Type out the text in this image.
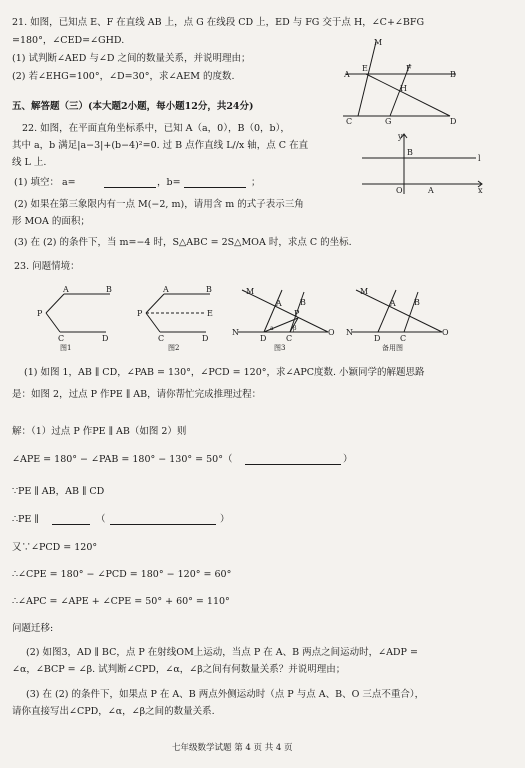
21. 如图，已知点 E、F 在直线 AB 上，点 G 在线段 CD 上，ED 与 FG 交于点 H，∠C+∠BFG
=180°，∠CED=∠GHD.
(1) 试判断∠AED 与∠D 之间的数量关系，并说明理由；
(2) 若∠EHG=100°，∠D=30°，求∠AEM 的度数.
M
A
E	F
B
H
C	G	D
五、解答题（三）(本大题2小题，每小题12分，共24分)
22. 如图，在平面直角坐标系中，已知 A（a，0），B（0，b），
其中 a，b 满足|a−3|+(b−4)²=0. 过 B 点作直线 L//x 轴，点 C 在直
线 L 上.
(1) 填空： a=	，b=	；
(2) 如果在第三象限内有一点 M(−2, m)，请用含 m 的式子表示三角
形 MOA 的面积；
(3) 在 (2) 的条件下，当 m=−4 时，S△ABC = 2S△MOA 时，求点 C 的坐标.
y
B
l
O	A	x
23. 问题情境：
A	B
P
C	D
图1
A	B
P	E
C	D
图2
M
A B
P
N
D C
O
a	β
图3
M
A B
N
D C
O
备用图
(1) 如图 1，AB ∥ CD，∠PAB = 130°，∠PCD = 120°，求∠APC度数. 小颖同学的解题思路
是：如图 2，过点 P 作PE ∥ AB，请你帮忙完成推理过程：
解：（1）过点 P 作PE ∥ AB（如图 2）则
∠APE = 180° − ∠PAB = 180° − 130° = 50°（	）
∵PE ∥ AB，AB ∥ CD
∴PE ∥	（	）
又∵∠PCD = 120°
∴∠CPE = 180° − ∠PCD = 180° − 120° = 60°
∴∠APC = ∠APE + ∠CPE = 50° + 60° = 110°
问题迁移:
(2) 如图3，AD ∥ BC，点 P 在射线OM上运动，当点 P 在 A、B 两点之间运动时，∠ADP =
∠α，∠BCP = ∠β. 试判断∠CPD，∠α，∠β之间有何数量关系？并说明理由；
(3) 在 (2) 的条件下，如果点 P 在 A、B 两点外侧运动时（点 P 与点 A、B、O 三点不重合），
请你直接写出∠CPD，∠α，∠β之间的数量关系.
七年级数学试题 第 4 页 共 4 页
